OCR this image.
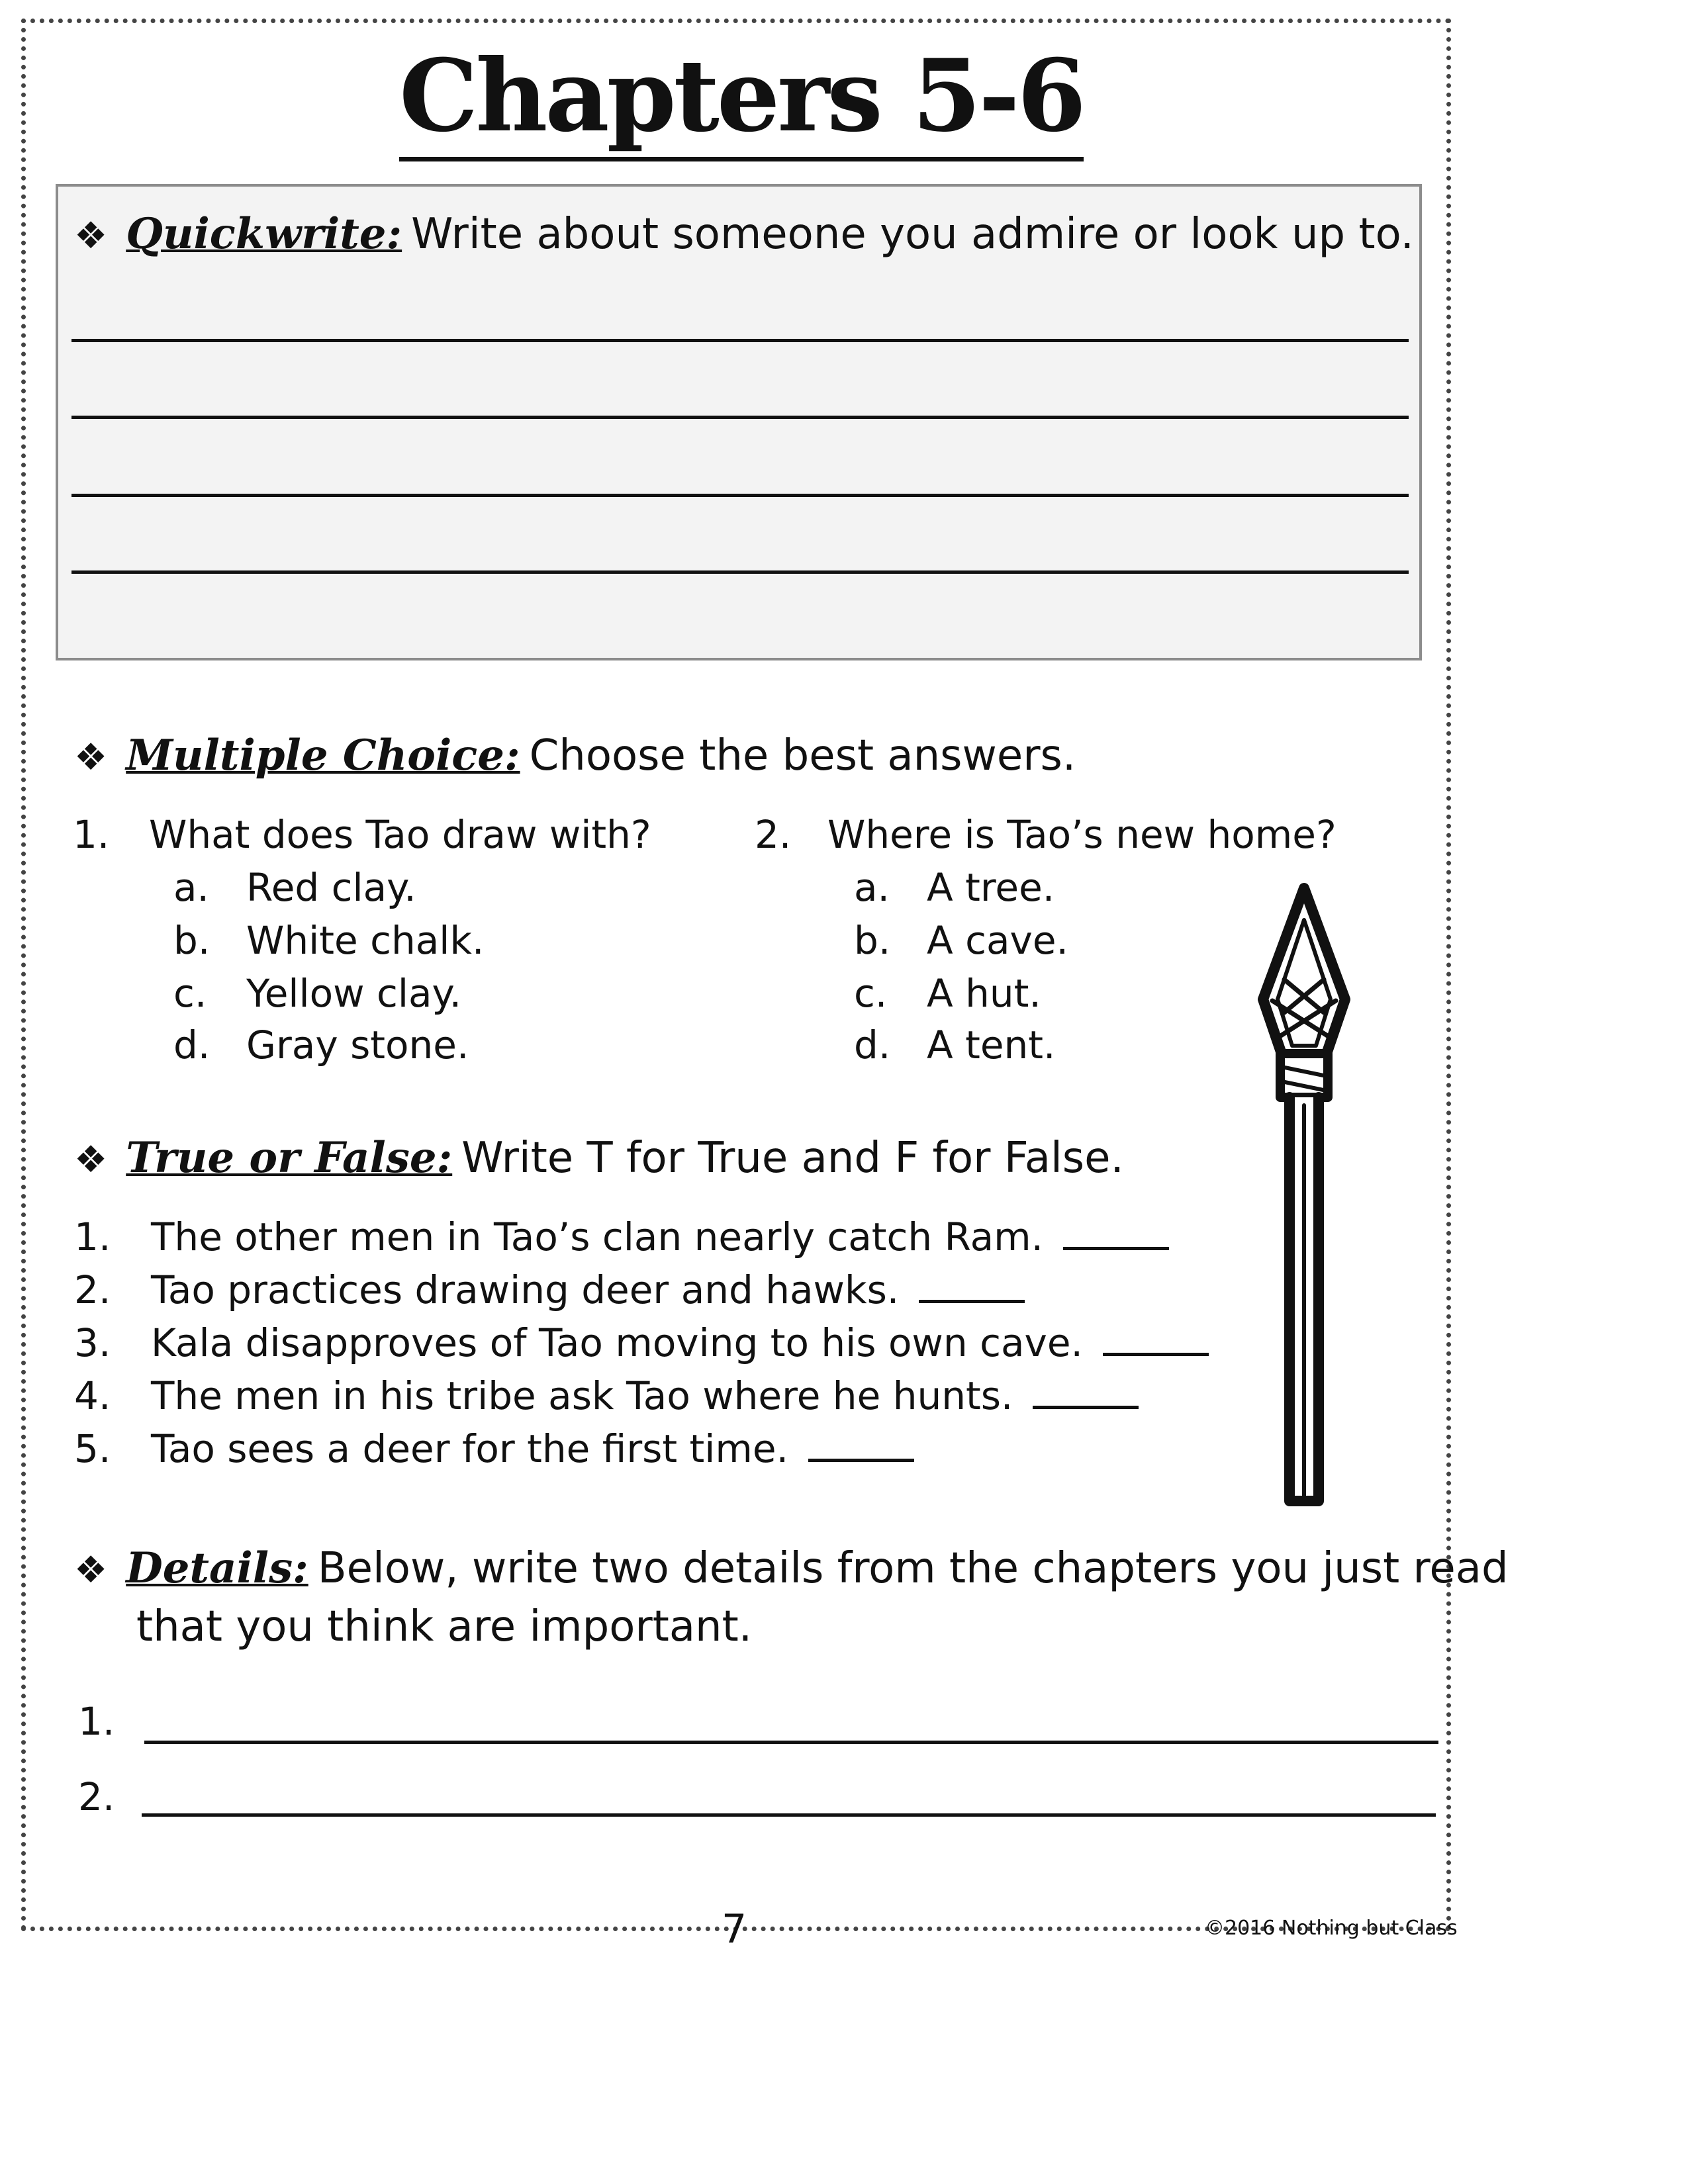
Chapters 5-6
❖ Quickwrite: Write about someone you admire or look up to.
❖ Multiple Choice: Choose the best answers.
1. What does Tao draw with?
a. Red clay.
b. White chalk.
c. Yellow clay.
d. Gray stone.
2. Where is Tao’s new home?
a. A tree.
b. A cave.
c. A hut.
d. A tent.
❖ True or False: Write T for True and F for False.
1. The other men in Tao’s clan nearly catch Ram.
2. Tao practices drawing deer and hawks.
3. Kala disapproves of Tao moving to his own cave.
4. The men in his tribe ask Tao where he hunts.
5. Tao sees a deer for the first time.
❖ Details: Below, write two details from the chapters you just read
that you think are important.
1.
2.
7	©2016 Nothing but Class
